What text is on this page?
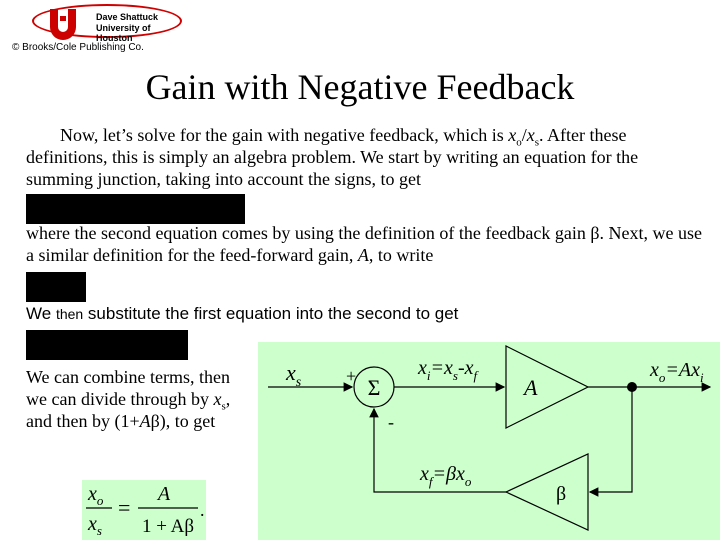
Dave Shattuck
University of Houston
© Brooks/Cole Publishing Co.
Gain with Negative Feedback
Now, let’s solve for the gain with negative feedback, which is $x_o/x_s$. After these definitions, this is simply an algebra problem. We start by writing an equation for the summing junction, taking into account the signs, to get
where the second equation comes by using the definition of the feedback gain β. Next, we use a similar definition for the feed-forward gain, A, to write
We then substitute the first equation into the second to get
We can combine terms, then we can divide through by $x_s$, and then by (1+Aβ), to get
Σ
+
-
A
β
$x_s$
$x_i=x_s-x_f$	$x_o=Ax_i$
$x_f=\beta x_o$
$x_o$
$x_s$
=
A
1 + Aβ
.
